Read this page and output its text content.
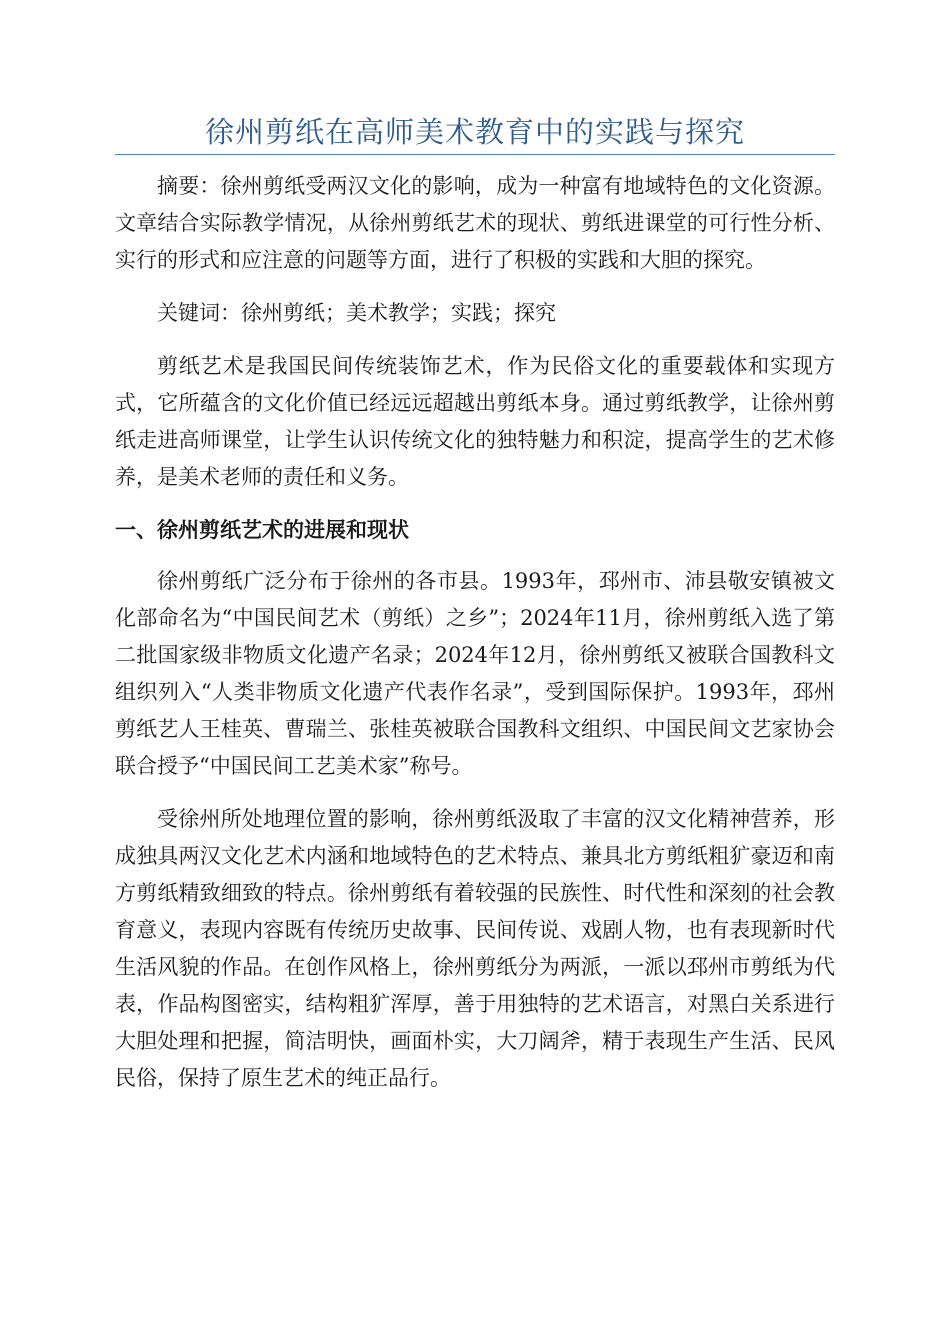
徐州剪纸在高师美术教育中的实践与探究

摘要：徐州剪纸受两汉文化的影响，成为一种富有地域特色的文化资源。文章结合实际教学情况，从徐州剪纸艺术的现状、剪纸进课堂的可行性分析、实行的形式和应注意的问题等方面，进行了积极的实践和大胆的探究。

关键词：徐州剪纸；美术教学；实践；探究

剪纸艺术是我国民间传统装饰艺术，作为民俗文化的重要载体和实现方式，它所蕴含的文化价值已经远远超越出剪纸本身。通过剪纸教学，让徐州剪纸走进高师课堂，让学生认识传统文化的独特魅力和积淀，提高学生的艺术修养，是美术老师的责任和义务。

一、徐州剪纸艺术的进展和现状

徐州剪纸广泛分布于徐州的各市县。1993年，邳州市、沛县敬安镇被文化部命名为“中国民间艺术（剪纸）之乡”；2024年11月，徐州剪纸入选了第二批国家级非物质文化遗产名录；2024年12月，徐州剪纸又被联合国教科文组织列入“人类非物质文化遗产代表作名录”，受到国际保护。1993年，邳州剪纸艺人王桂英、曹瑞兰、张桂英被联合国教科文组织、中国民间文艺家协会联合授予“中国民间工艺美术家”称号。

受徐州所处地理位置的影响，徐州剪纸汲取了丰富的汉文化精神营养，形成独具两汉文化艺术内涵和地域特色的艺术特点、兼具北方剪纸粗犷豪迈和南方剪纸精致细致的特点。徐州剪纸有着较强的民族性、时代性和深刻的社会教育意义，表现内容既有传统历史故事、民间传说、戏剧人物，也有表现新时代生活风貌的作品。在创作风格上，徐州剪纸分为两派，一派以邳州市剪纸为代表，作品构图密实，结构粗犷浑厚，善于用独特的艺术语言，对黑白关系进行大胆处理和把握，简洁明快，画面朴实，大刀阔斧，精于表现生产生活、民风民俗，保持了原生艺术的纯正品行。
